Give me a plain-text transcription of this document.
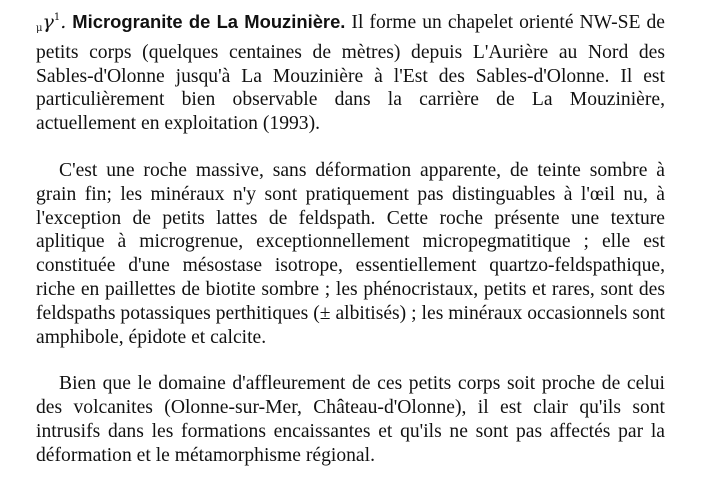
$_\mu\gamma^1$. Microgranite de La Mouzinière. Il forme un chapelet orienté NW-SE de petits corps (quelques centaines de mètres) depuis L'Aurière au Nord des Sables-d'Olonne jusqu'à La Mouzinière à l'Est des Sables-d'Olonne. Il est particulièrement bien observable dans la carrière de La Mouzinière, actuellement en exploitation (1993).

C'est une roche massive, sans déformation apparente, de teinte sombre à grain fin; les minéraux n'y sont pratiquement pas distinguables à l'œil nu, à l'exception de petits lattes de feldspath. Cette roche présente une texture aplitique à microgrenue, exceptionnellement micropegmatitique ; elle est constituée d'une mésostase isotrope, essentiellement quartzo-feldspathique, riche en paillettes de biotite sombre ; les phénocristaux, petits et rares, sont des feldspaths potassiques perthitiques (± albitisés) ; les minéraux occasionnels sont amphibole, épidote et calcite.

Bien que le domaine d'affleurement de ces petits corps soit proche de celui des volcanites (Olonne-sur-Mer, Château-d'Olonne), il est clair qu'ils sont intrusifs dans les formations encaissantes et qu'ils ne sont pas affectés par la déformation et le métamorphisme régional.
